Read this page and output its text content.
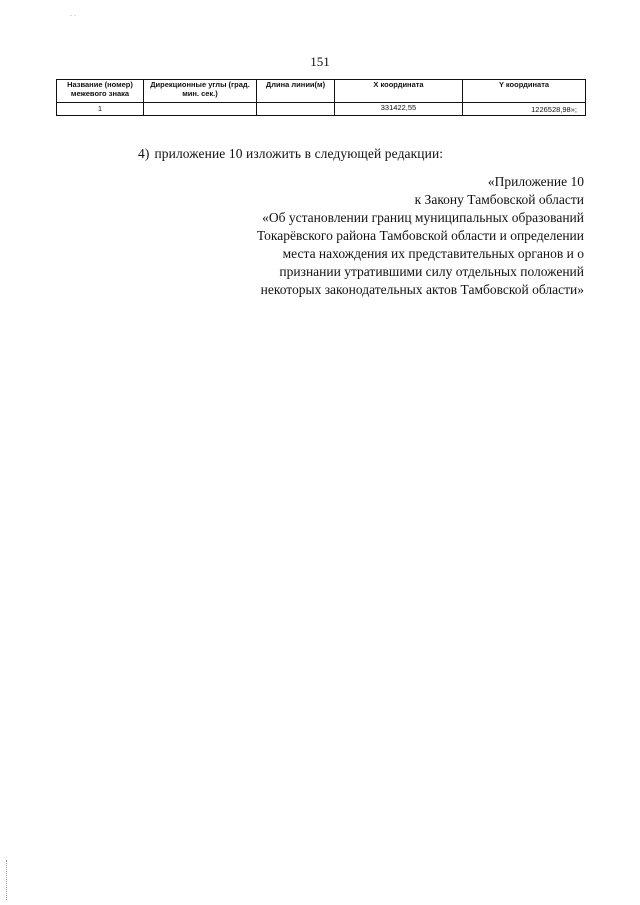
- -
151
Название (номер) межевого знака	Дирекционные углы (град. мин. сек.)	Длина линии(м)	Х координата	Y координата
1			331422,55	1226528,98»;
4) приложение 10 изложить в следующей редакции:
«Приложение 10
к Закону Тамбовской области
«Об установлении границ муниципальных образований
Токарёвского района Тамбовской области и определении
места нахождения их представительных органов и о
признании утратившими силу отдельных положений
некоторых законодательных актов Тамбовской области»
